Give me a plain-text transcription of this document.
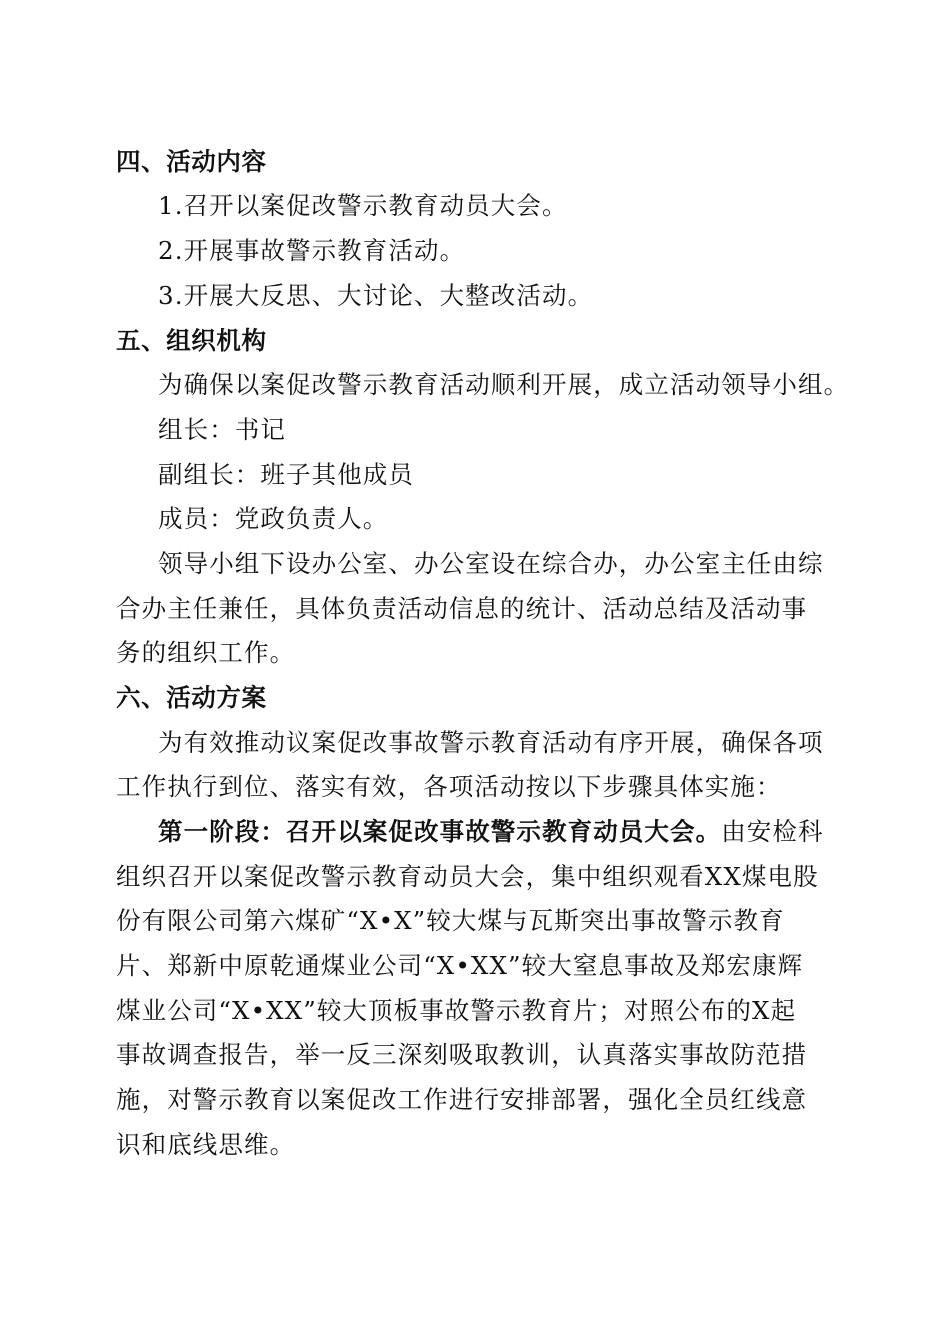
四、活动内容
1.召开以案促改警示教育动员大会。
2.开展事故警示教育活动。
3.开展大反思、大讨论、大整改活动。
五、组织机构
为确保以案促改警示教育活动顺利开展，成立活动领导小组。
组长：书记
副组长：班子其他成员
成员：党政负责人。
领导小组下设办公室、办公室设在综合办，办公室主任由综
合办主任兼任，具体负责活动信息的统计、活动总结及活动事
务的组织工作。
六、活动方案
为有效推动议案促改事故警示教育活动有序开展，确保各项
工作执行到位、落实有效，各项活动按以下步骤具体实施：
第一阶段：召开以案促改事故警示教育动员大会。由安检科
组织召开以案促改警示教育动员大会，集中组织观看XX煤电股
份有限公司第六煤矿“X•X”较大煤与瓦斯突出事故警示教育
片、郑新中原乾通煤业公司“X•XX”较大窒息事故及郑宏康辉
煤业公司“X•XX”较大顶板事故警示教育片；对照公布的X起
事故调查报告，举一反三深刻吸取教训，认真落实事故防范措
施，对警示教育以案促改工作进行安排部署，强化全员红线意
识和底线思维。
